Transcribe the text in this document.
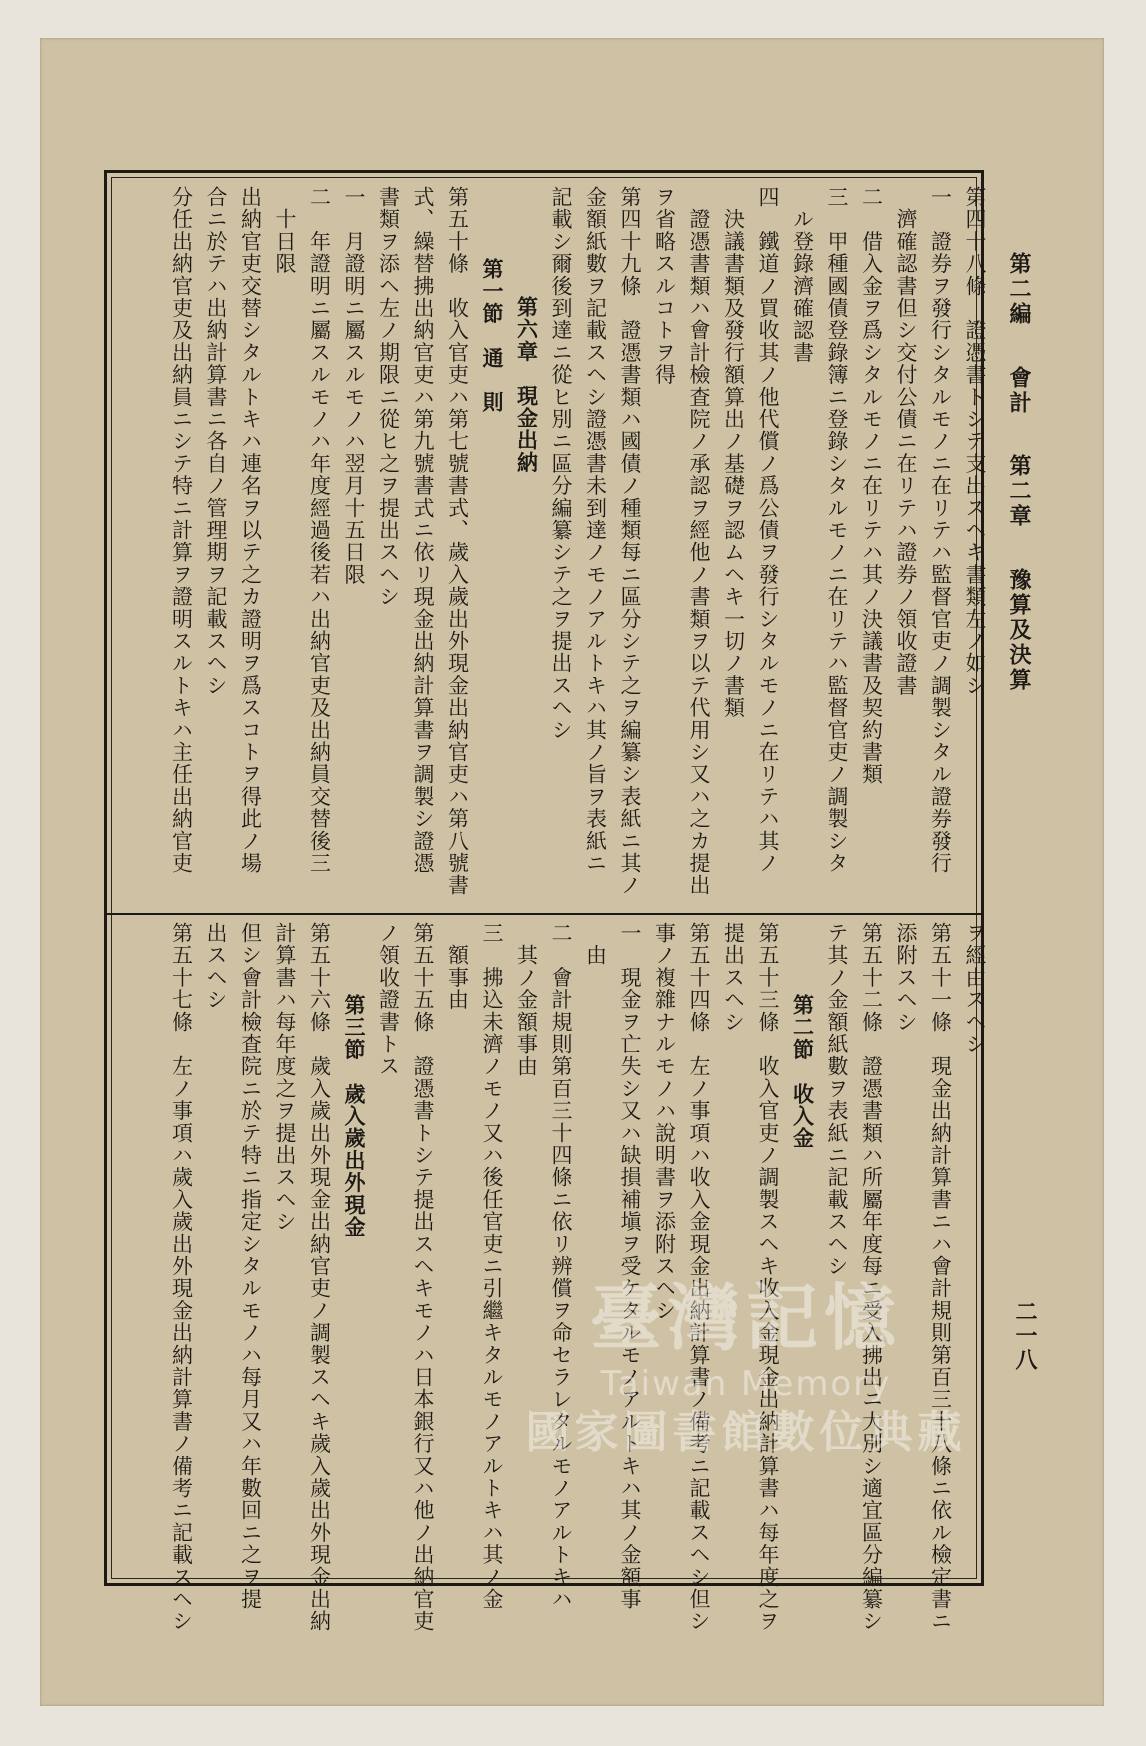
第二編 會計 第二章 豫算及決算
二一八
第四十八條　證憑書トシテ支出スヘキ書類左ノ如シ
一　證券ヲ發行シタルモノニ在リテハ監督官吏ノ調製シタル證券發行
　濟確認書但シ交付公債ニ在リテハ證券ノ領收證書
二　借入金ヲ爲シタルモノニ在リテハ其ノ決議書及契約書類
三　甲種國債登錄簿ニ登錄シタルモノニ在リテハ監督官吏ノ調製シタ
　ル登錄濟確認書
四　鐵道ノ買收其ノ他代償ノ爲公債ヲ發行シタルモノニ在リテハ其ノ
　決議書類及發行額算出ノ基礎ヲ認ムヘキ一切ノ書類
　證憑書類ハ會計檢査院ノ承認ヲ經他ノ書類ヲ以テ代用シ又ハ之カ提出
ヲ省略スルコトヲ得
第四十九條　證憑書類ハ國債ノ種類每ニ區分シテ之ヲ編纂シ表紙ニ其ノ
金額紙數ヲ記載スヘシ證憑書未到達ノモノアルトキハ其ノ旨ヲ表紙ニ
記載シ爾後到達ニ從ヒ別ニ區分編纂シテ之ヲ提出スヘシ
第六章　現金出納
第一節　通　則
第五十條　收入官吏ハ第七號書式、歲入歲出外現金出納官吏ハ第八號書
式、繰替拂出納官吏ハ第九號書式ニ依リ現金出納計算書ヲ調製シ證憑
書類ヲ添ヘ左ノ期限ニ從ヒ之ヲ提出スヘシ
一　月證明ニ屬スルモノハ翌月十五日限
二　年證明ニ屬スルモノハ年度經過後若ハ出納官吏及出納員交替後三
　十日限
出納官吏交替シタルトキハ連名ヲ以テ之カ證明ヲ爲スコトヲ得此ノ場
合ニ於テハ出納計算書ニ各自ノ管理期ヲ記載スヘシ
分任出納官吏及出納員ニシテ特ニ計算ヲ證明スルトキハ主任出納官吏
ヲ經由スヘシ
第五十一條　現金出納計算書ニハ會計規則第百三十八條ニ依ル檢定書ニ
添附スヘシ
第五十二條　證憑書類ハ所屬年度每ニ受入拂出ニ大別シ適宜區分編纂シ
テ其ノ金額紙數ヲ表紙ニ記載スヘシ
第二節　收入金
第五十三條　收入官吏ノ調製スヘキ收入金現金出納計算書ハ每年度之ヲ
提出スヘシ
第五十四條　左ノ事項ハ收入金現金出納計算書ノ備考ニ記載スヘシ但シ
事ノ複雜ナルモノハ說明書ヲ添附スヘシ
一　現金ヲ亡失シ又ハ缺損補塡ヲ受ケタルモノアルトキハ其ノ金額事
　由
二　會計規則第百三十四條ニ依リ辨償ヲ命セラレタルモノアルトキハ
　其ノ金額事由
三　拂込未濟ノモノ又ハ後任官吏ニ引繼キタルモノアルトキハ其ノ金
　額事由
第五十五條　證憑書トシテ提出スヘキモノハ日本銀行又ハ他ノ出納官吏
ノ領收證書トス
第三節　歲入歲出外現金
第五十六條　歲入歲出外現金出納官吏ノ調製スヘキ歲入歲出外現金出納
計算書ハ每年度之ヲ提出スヘシ
但シ會計檢査院ニ於テ特ニ指定シタルモノハ每月又ハ年數回ニ之ヲ提
出スヘシ
第五十七條　左ノ事項ハ歲入歲出外現金出納計算書ノ備考ニ記載スヘシ	臺灣記憶
Taiwan Memory
國家圖書館數位典藏
